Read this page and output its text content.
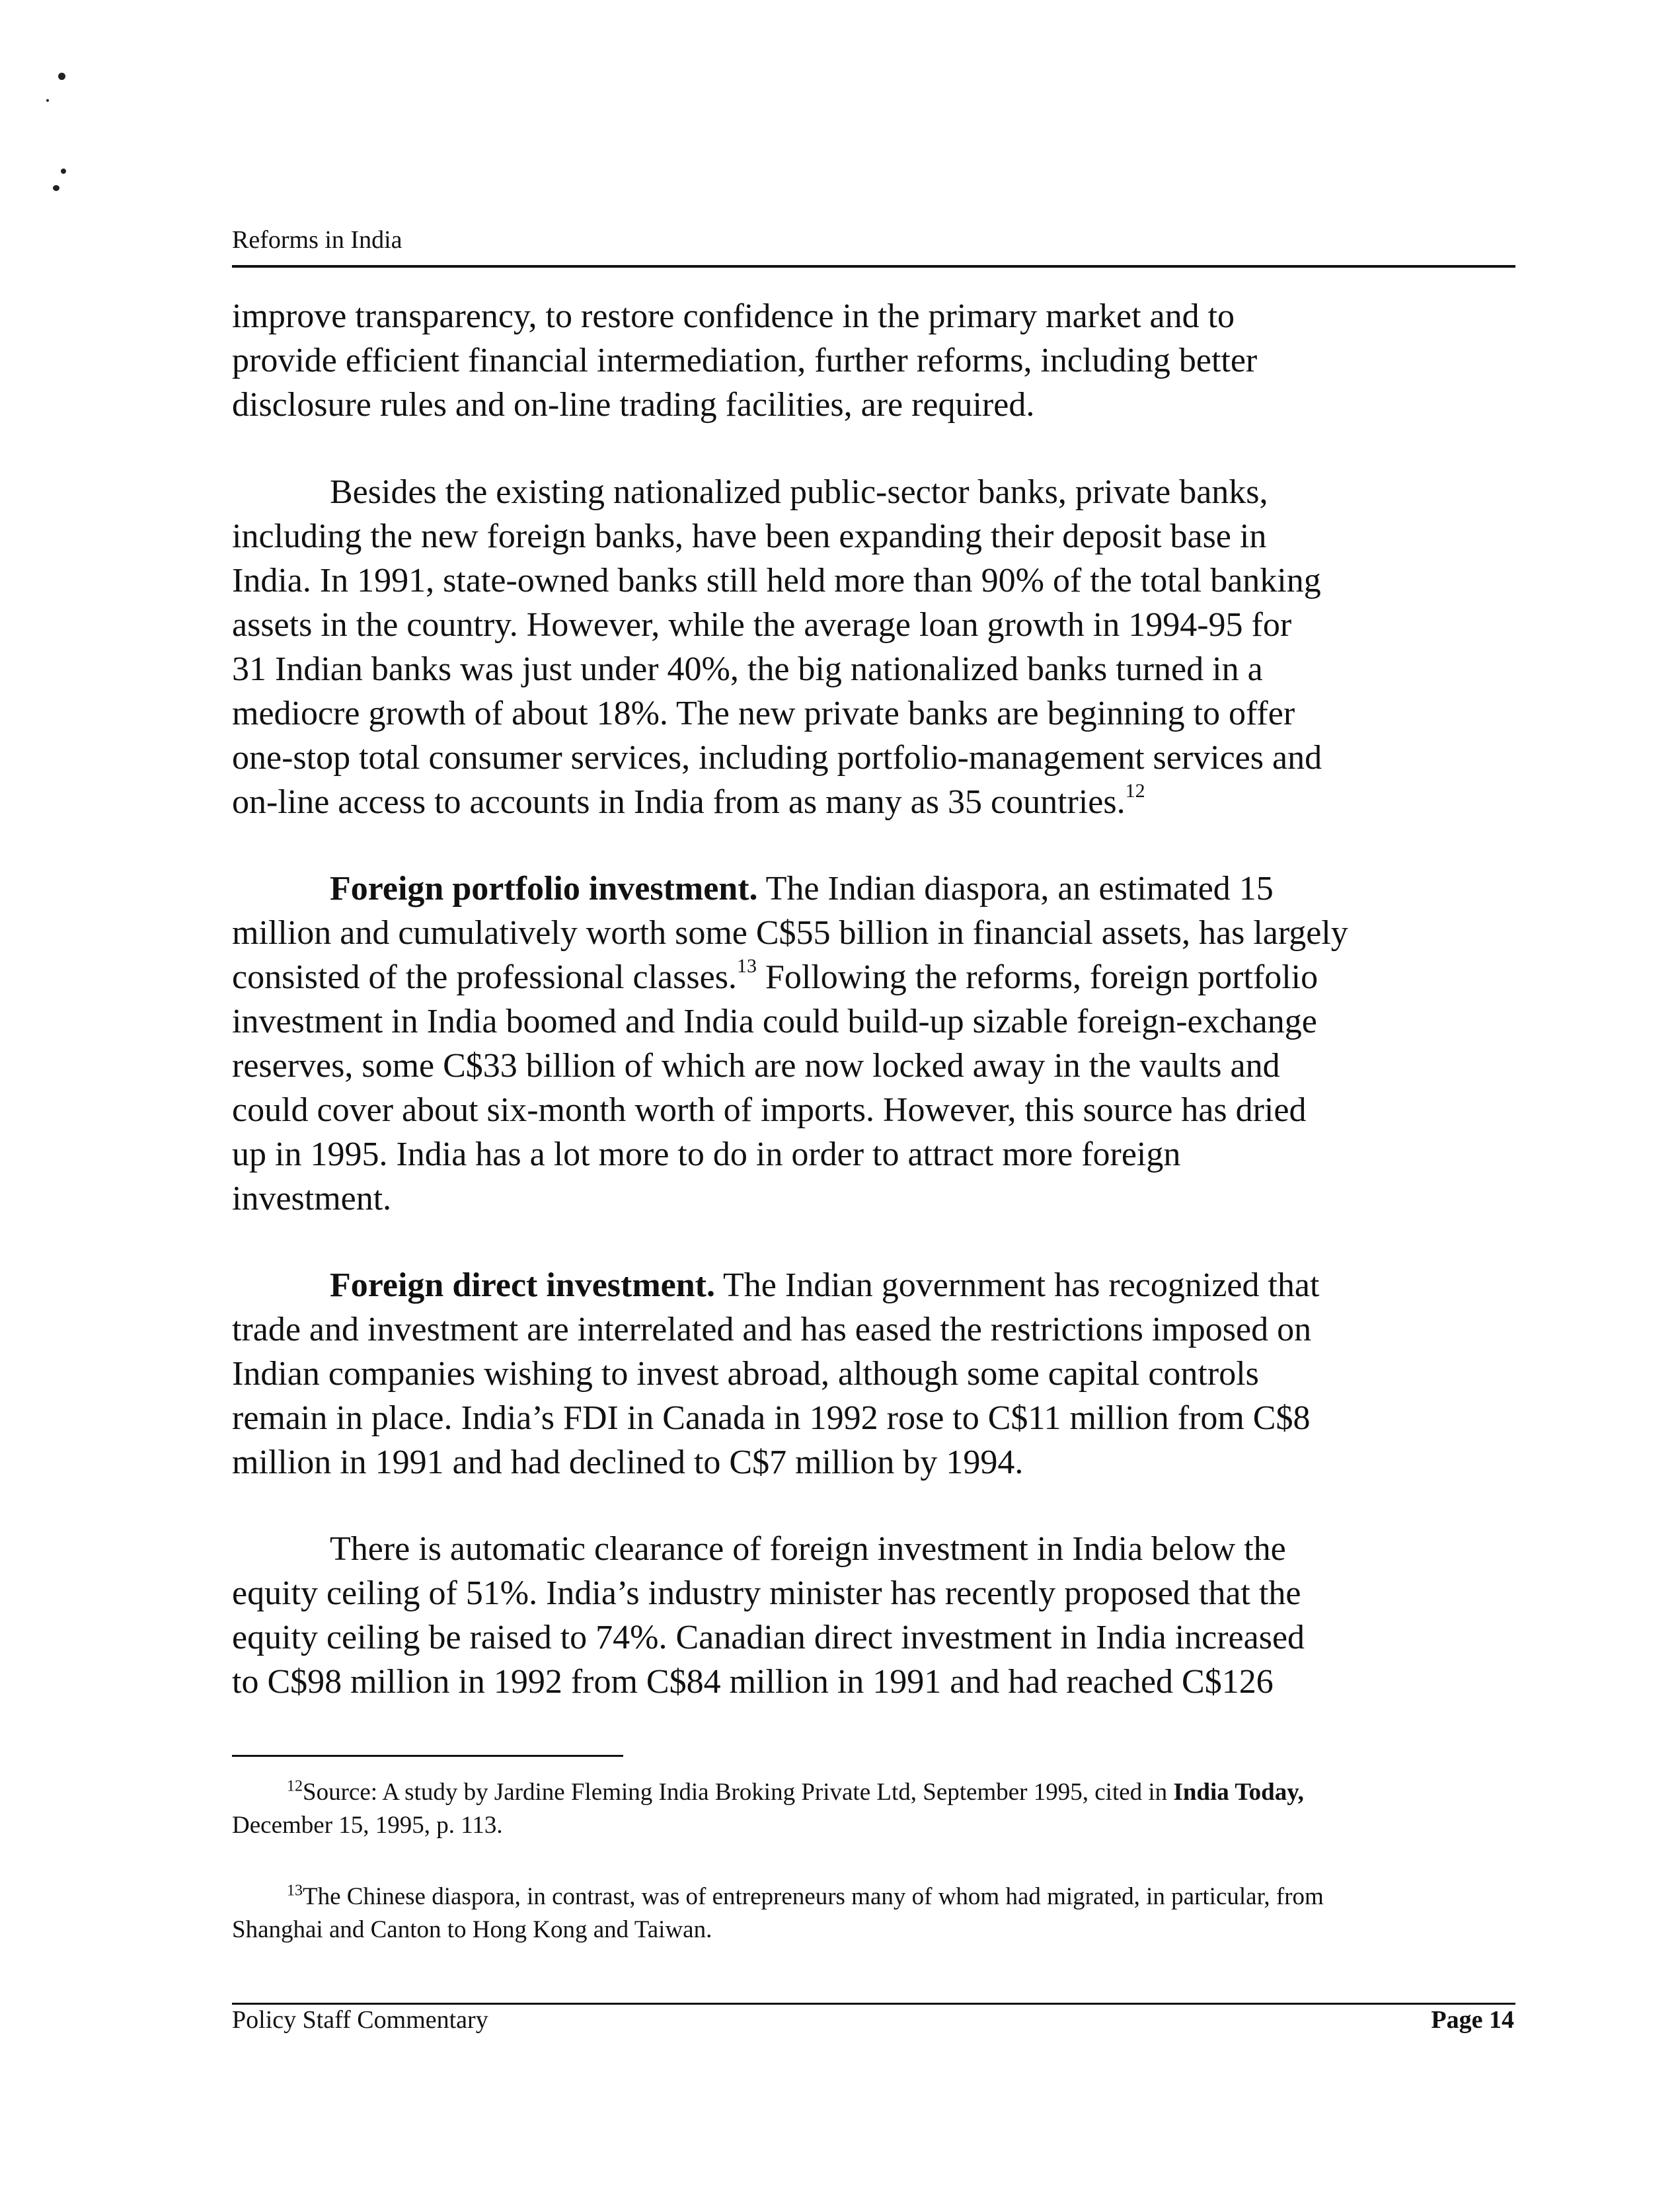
Reforms in India
improve transparency, to restore confidence in the primary market and to
provide efficient financial intermediation, further reforms, including better
disclosure rules and on-line trading facilities, are required.
Besides the existing nationalized public-sector banks, private banks,
including the new foreign banks, have been expanding their deposit base in
India. In 1991, state-owned banks still held more than 90% of the total banking
assets in the country. However, while the average loan growth in 1994-95 for
31 Indian banks was just under 40%, the big nationalized banks turned in a
mediocre growth of about 18%. The new private banks are beginning to offer
one-stop total consumer services, including portfolio-management services and
on-line access to accounts in India from as many as 35 countries.$^{12}$
Foreign portfolio investment. The Indian diaspora, an estimated 15
million and cumulatively worth some C$55 billion in financial assets, has largely
consisted of the professional classes.$^{13}$ Following the reforms, foreign portfolio
investment in India boomed and India could build-up sizable foreign-exchange
reserves, some C$33 billion of which are now locked away in the vaults and
could cover about six-month worth of imports. However, this source has dried
up in 1995. India has a lot more to do in order to attract more foreign
investment.
Foreign direct investment. The Indian government has recognized that
trade and investment are interrelated and has eased the restrictions imposed on
Indian companies wishing to invest abroad, although some capital controls
remain in place. India’s FDI in Canada in 1992 rose to C$11 million from C$8
million in 1991 and had declined to C$7 million by 1994.
There is automatic clearance of foreign investment in India below the
equity ceiling of 51%. India’s industry minister has recently proposed that the
equity ceiling be raised to 74%. Canadian direct investment in India increased
to C$98 million in 1992 from C$84 million in 1991 and had reached C$126
$^{12}$Source: A study by Jardine Fleming India Broking Private Ltd, September 1995, cited in India Today,
December 15, 1995, p. 113.
$^{13}$The Chinese diaspora, in contrast, was of entrepreneurs many of whom had migrated, in particular, from
Shanghai and Canton to Hong Kong and Taiwan.
Policy Staff Commentary	Page 14
